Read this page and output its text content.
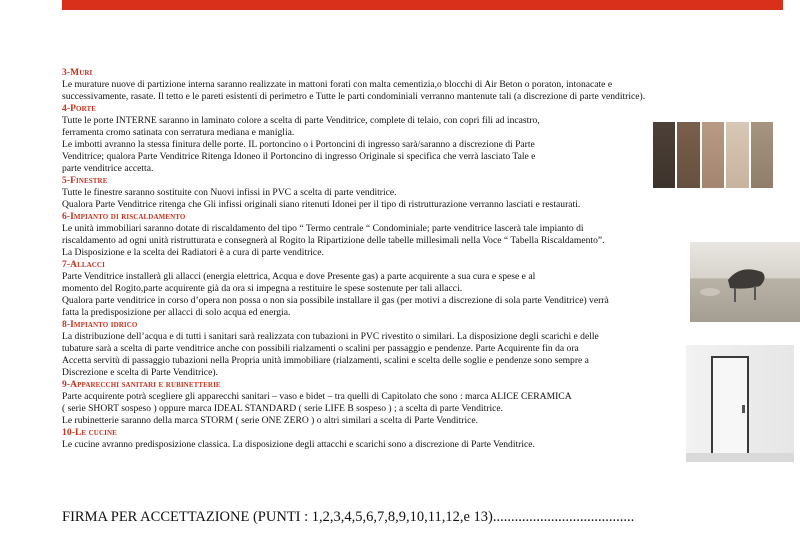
3-Muri

Le murature nuove di partizione interna saranno realizzate in mattoni forati con malta cementizia,o blocchi di Air Beton o poraton, intonacate e

successivamente, rasate. Il tetto e le pareti esistenti di perimetro e Tutte le parti condominiali verranno mantenute tali (a discrezione di parte venditrice).

4-Porte

Tutte le porte INTERNE saranno in laminato colore a scelta di parte Venditrice, complete di telaio, con copri fili ad incastro,

ferramenta cromo satinata con serratura mediana e maniglia.

Le imbotti avranno la stessa finitura delle porte. IL portoncino o i Portoncini di ingresso sarà/saranno a discrezione di Parte

Venditrice; qualora Parte Venditrice Ritenga Idoneo il Portoncino di ingresso Originale si specifica che verrà lasciato Tale e

parte venditrice accetta.

5-Finestre

Tutte le finestre saranno sostituite con Nuovi infissi in PVC a scelta di parte venditrice.

Qualora Parte Venditrice ritenga che Gli infissi originali siano ritenuti Idonei per il tipo di ristrutturazione verranno lasciati e restaurati.

6-Impianto di riscaldamento

Le unità immobiliari saranno dotate di riscaldamento del tipo “ Termo centrale “ Condominiale; parte venditrice lascerà tale impianto di

riscaldamento ad ogni unità ristrutturata e consegnerà al Rogito la Ripartizione delle tabelle millesimali nella Voce “ Tabella Riscaldamento”.

La Disposizione e la scelta dei Radiatori è a cura di parte venditrice.

7-Allacci

Parte Venditrice installerà gli allacci (energia elettrica, Acqua e dove Presente gas) a parte acquirente a sua cura e spese e al

momento del Rogito,parte acquirente già da ora si impegna a restituire le spese sostenute per tali allacci.

Qualora parte venditrice in corso d’opera non possa o non sia possibile installare il gas (per motivi a discrezione di sola parte Venditrice) verrà

fatta la predisposizione per allacci di solo acqua ed energia.

8-Impianto idrico

La distribuzione dell’acqua e di tutti i sanitari sarà realizzata con tubazioni in PVC rivestito o similari. La disposizione degli scarichi e delle

tubature sarà a scelta di parte venditrice anche con possibili rialzamenti o scalini per passaggio e pendenze. Parte Acquirente fin da ora

Accetta servitù di passaggio tubazioni nella Propria unità immobiliare (rialzamenti, scalini e scelta delle soglie e pendenze sono sempre a

Discrezione e scelta di Parte Venditrice).

9-Apparecchi sanitari e rubinetterie

Parte acquirente potrà scegliere gli apparecchi sanitari – vaso e bidet – tra quelli di Capitolato che sono : marca ALICE CERAMICA

( serie SHORT sospeso ) oppure marca IDEAL STANDARD ( serie LIFE B sospeso ) ; a scelta di parte Venditrice.

Le rubinetterie saranno della marca STORM ( serie ONE ZERO ) o altri similari a scelta di Parte Venditrice.

10-Le cucine

Le cucine avranno predisposizione classica. La disposizione degli attacchi e scarichi sono a discrezione di Parte Venditrice.

FIRMA PER ACCETTAZIONE (PUNTI : 1,2,3,4,5,6,7,8,9,10,11,12,e 13).......................................
